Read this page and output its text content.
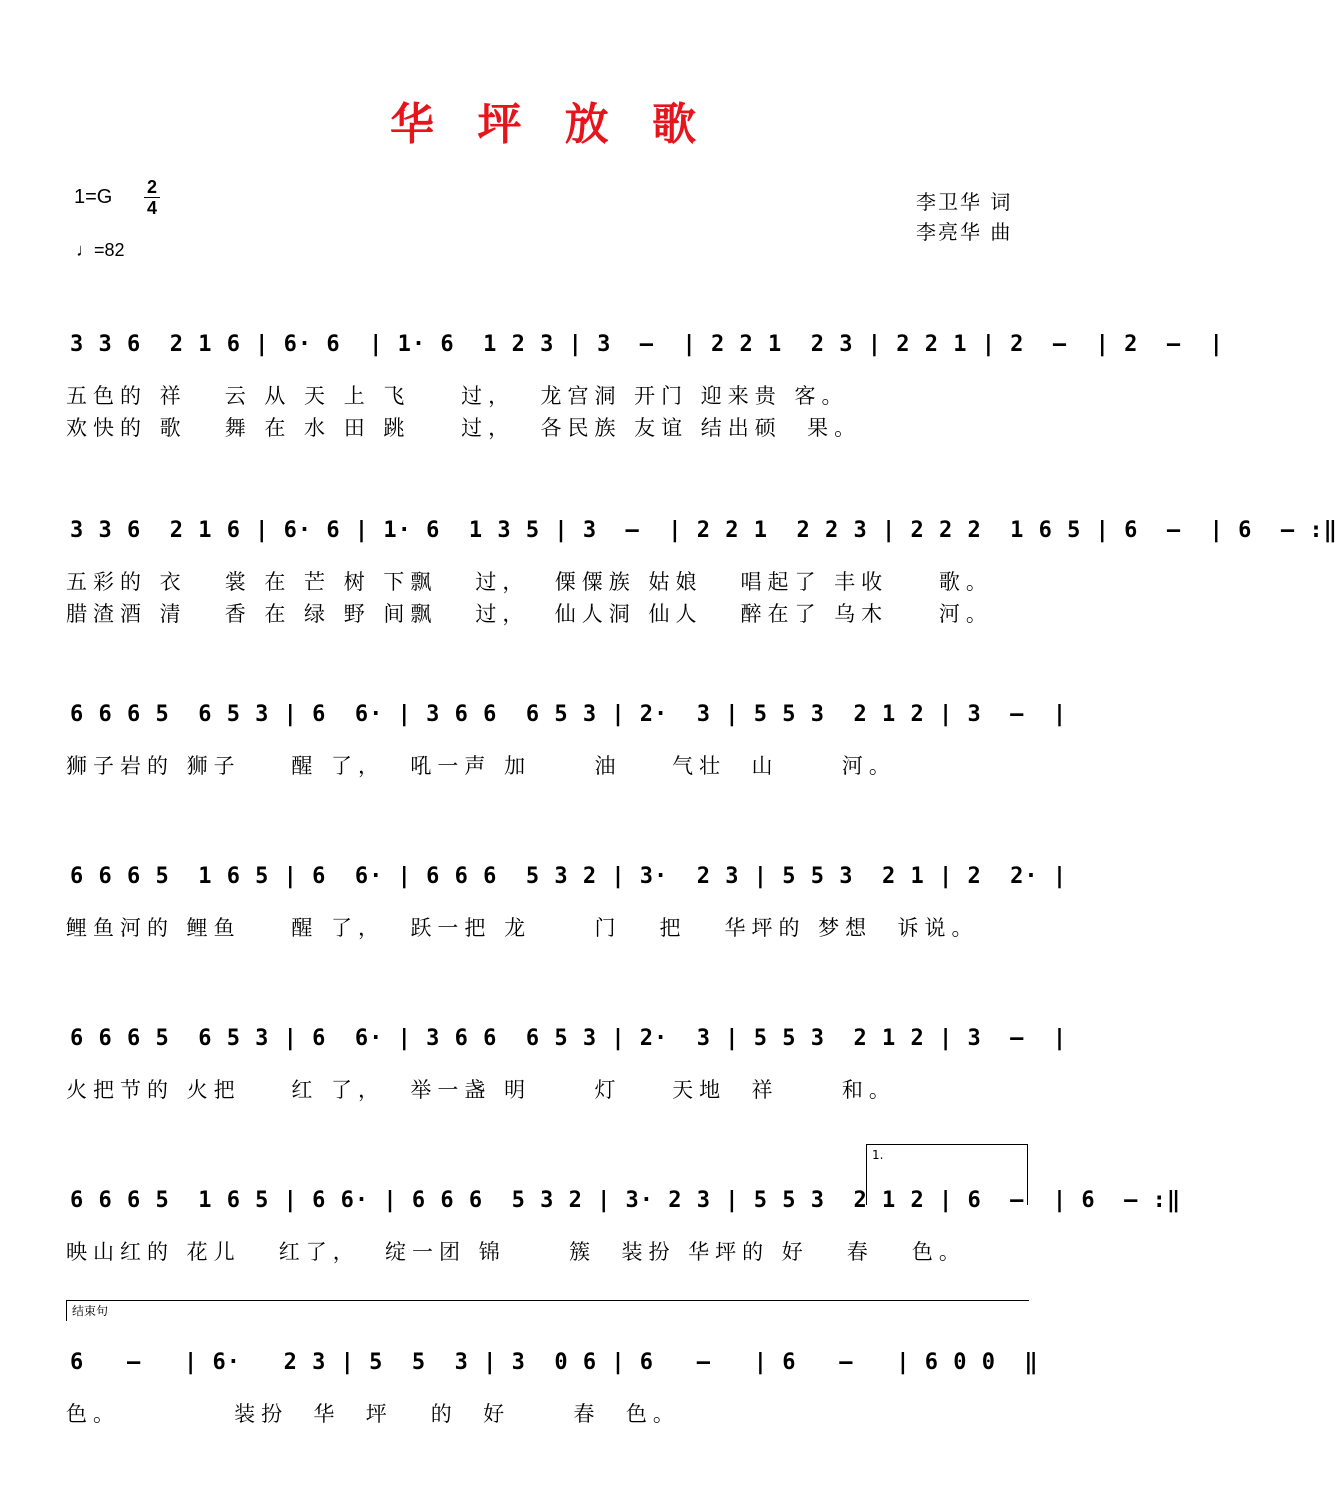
华 坪 放 歌
1=G 2
4
♩=82
李卫华 词
李亮华 曲
3 3 6  2 1 6 | 6· 6  | 1· 6  1 2 3 | 3  –  | 2 2 1  2 3 | 2 2 1 | 2  –  | 2  –  |
五色的 祥   云 从 天 上 飞    过，  龙宫洞 开门 迎来贵 客。
欢快的 歌   舞 在 水 田 跳    过，  各民族 友谊 结出硕  果。
3 3 6  2 1 6 | 6· 6 | 1· 6  1 3 5 | 3  –  | 2 2 1  2 2 3 | 2 2 2  1 6 5 | 6  –  | 6  – :‖
五彩的 衣   裳 在 芒 树 下飘   过，  傈僳族 姑娘   唱起了 丰收    歌。
腊渣酒 清   香 在 绿 野 间飘   过，  仙人洞 仙人   醉在了 乌木    河。
6 6 6 5  6 5 3 | 6  6· | 3 6 6  6 5 3 | 2·  3 | 5 5 3  2 1 2 | 3  –  |
狮子岩的 狮子    醒 了，  吼一声 加     油    气壮  山     河。
6 6 6 5  1 6 5 | 6  6· | 6 6 6  5 3 2 | 3·  2 3 | 5 5 3  2 1 | 2  2· |
鲤鱼河的 鲤鱼    醒 了，  跃一把 龙     门   把   华坪的 梦想  诉说。
6 6 6 5  6 5 3 | 6  6· | 3 6 6  6 5 3 | 2·  3 | 5 5 3  2 1 2 | 3  –  |
火把节的 火把    红 了，  举一盏 明     灯    天地  祥     和。
1.
6 6 6 5  1 6 5 | 6 6· | 6 6 6  5 3 2 | 3· 2 3 | 5 5 3  2 1 2 | 6  –  | 6  – :‖
映山红的 花儿   红了，  绽一团 锦     簇  装扮 华坪的 好   春   色。
结束句
6   –   | 6·   2 3 | 5  5  3 | 3  0 6 | 6   –   | 6   –   | 6 0 0  ‖
色。         装扮  华  坪   的  好     春  色。
